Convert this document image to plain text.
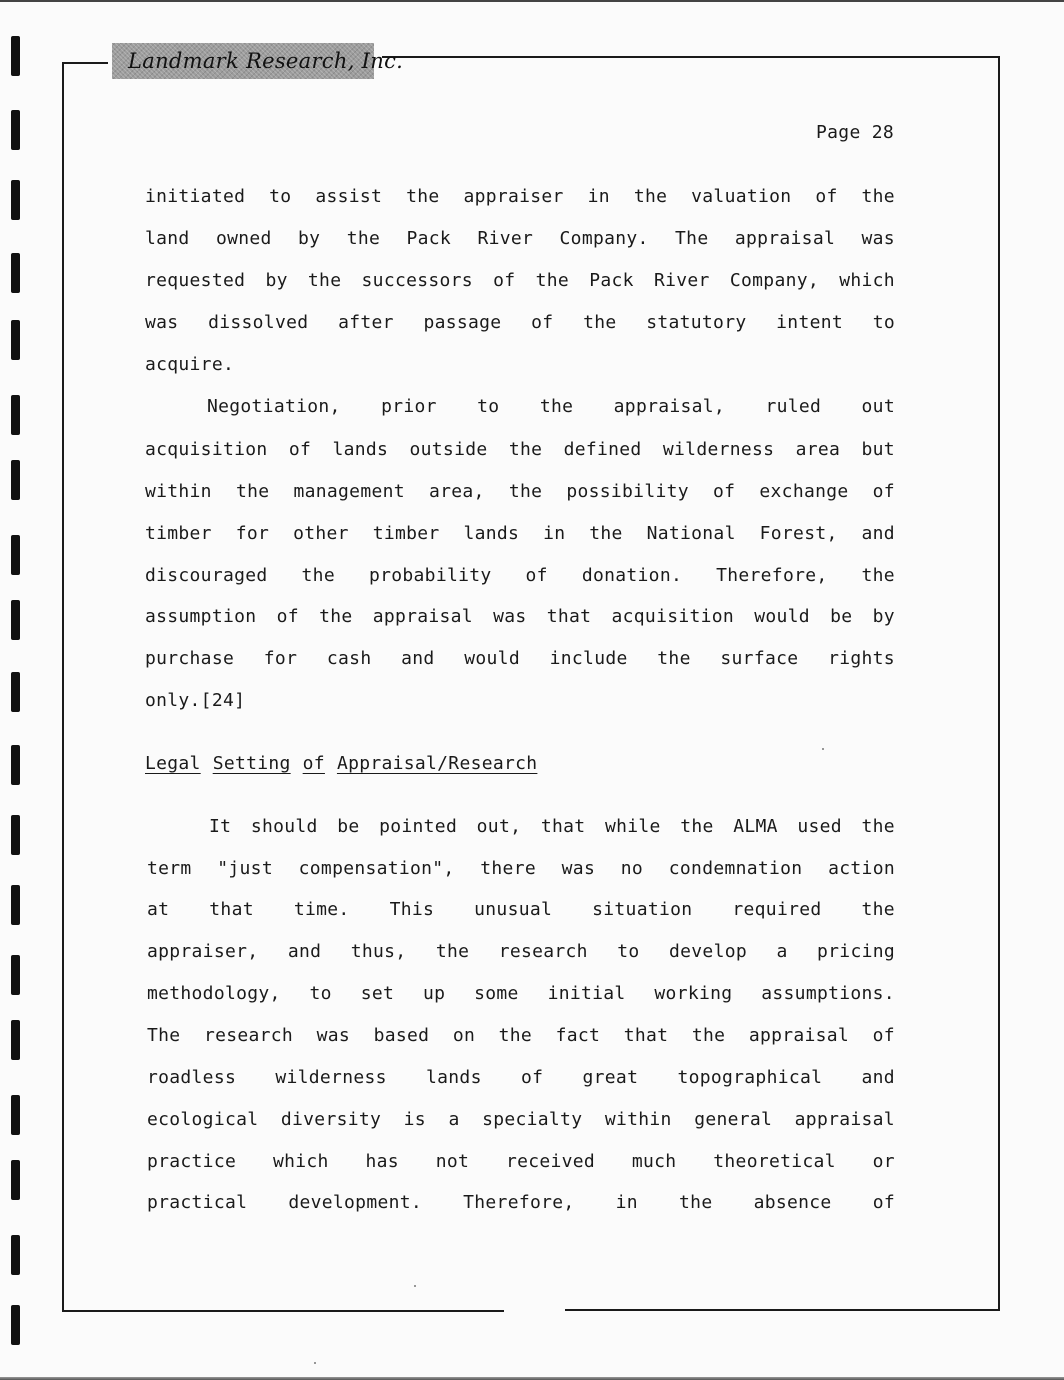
Landmark Research, Inc.
Page 28
initiated to assist the appraiser in the valuation of the
land owned by the Pack River Company. The appraisal was
requested by the successors of the Pack River Company, which
was dissolved after passage of the statutory intent to
acquire.
Negotiation, prior to the appraisal, ruled out
acquisition of lands outside the defined wilderness area but
within the management area, the possibility of exchange of
timber for other timber lands in the National Forest, and
discouraged the probability of donation. Therefore, the
assumption of the appraisal was that acquisition would be by
purchase for cash and would include the surface rights
only.[24]
Legal Setting of Appraisal/Research
It should be pointed out, that while the ALMA used the
term "just compensation", there was no condemnation action
at that time. This unusual situation required the
appraiser, and thus, the research to develop a pricing
methodology, to set up some initial working assumptions.
The research was based on the fact that the appraisal of
roadless wilderness lands of great topographical and
ecological diversity is a specialty within general appraisal
practice which has not received much theoretical or
practical development. Therefore, in the absence of
